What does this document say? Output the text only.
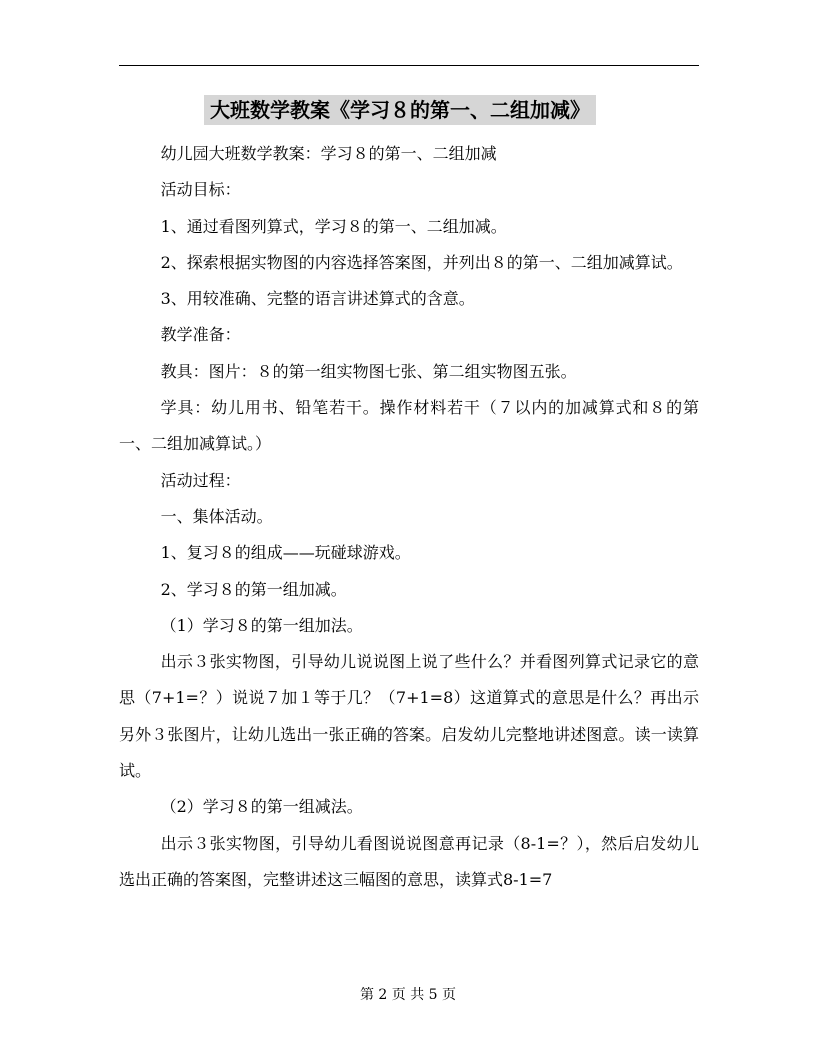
大班数学教案《学习８的第一、二组加减》

幼儿园大班数学教案：学习８的第一、二组加减

活动目标：

1、通过看图列算式，学习８的第一、二组加减。

2、探索根据实物图的内容选择答案图，并列出８的第一、二组加减算试。

3、用较准确、完整的语言讲述算式的含意。

教学准备：

教具：图片：８的第一组实物图七张、第二组实物图五张。

学具：幼儿用书、铅笔若干。操作材料若干（７以内的加减算式和８的第一、二组加减算试。）

活动过程：

一、集体活动。

1、复习８的组成——玩碰球游戏。

2、学习８的第一组加减。

（1）学习８的第一组加法。

出示３张实物图，引导幼儿说说图上说了些什么？并看图列算式记录它的意思（7+1=？）说说７加１等于几？（7+1=8）这道算式的意思是什么？再出示另外３张图片，让幼儿选出一张正确的答案。启发幼儿完整地讲述图意。读一读算试。

（2）学习８的第一组减法。

出示３张实物图，引导幼儿看图说说图意再记录（8-1=？），然后启发幼儿选出正确的答案图，完整讲述这三幅图的意思，读算式8-1=7

第 2 页 共 5 页
